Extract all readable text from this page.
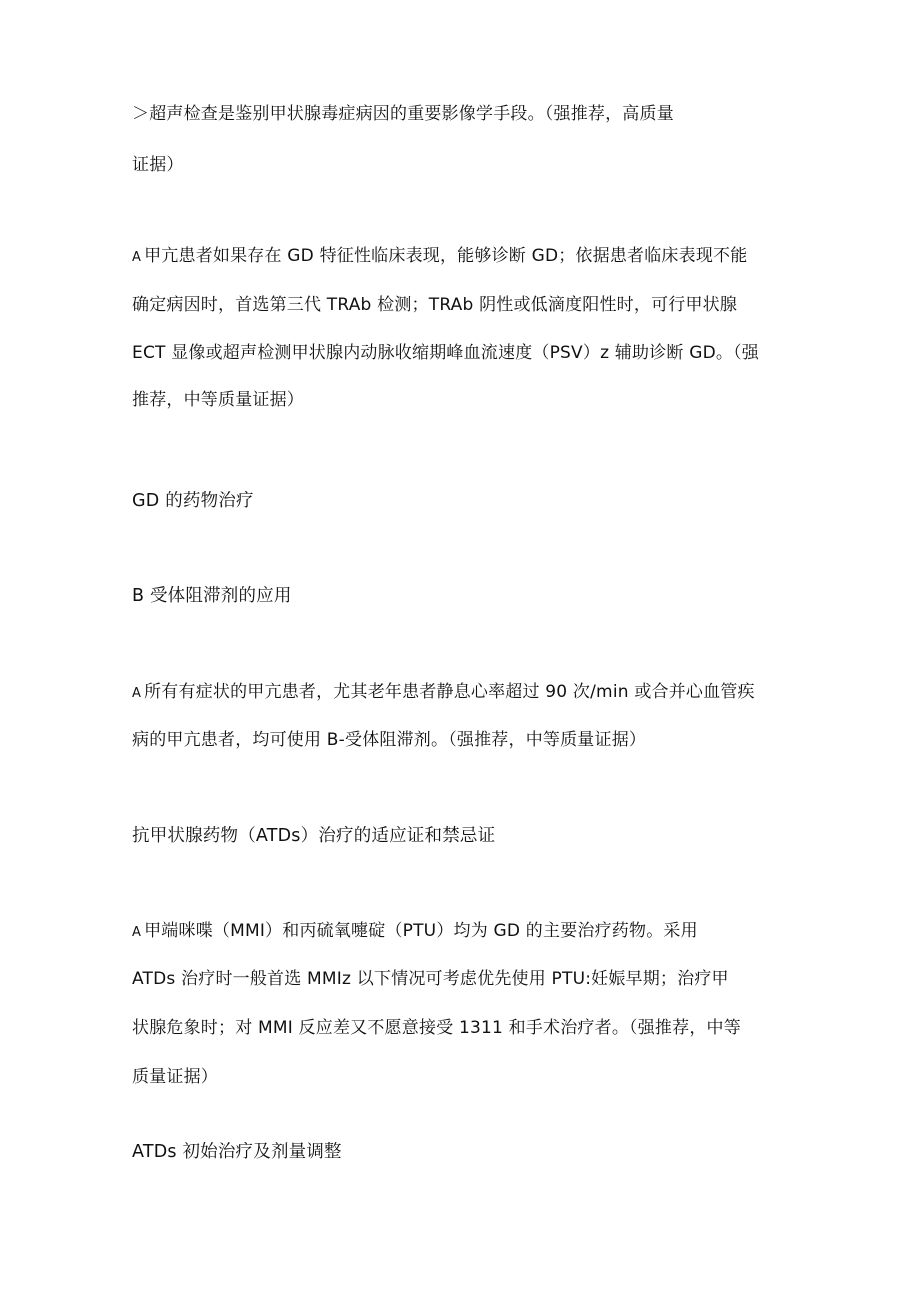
＞超声检查是鉴别甲状腺毒症病因的重要影像学手段。（强推荐，高质量
证据）
A 甲亢患者如果存在 GD 特征性临床表现，能够诊断 GD；依据患者临床表现不能
确定病因时，首选第三代 TRAb 检测；TRAb 阴性或低滴度阳性时，可行甲状腺
ECT 显像或超声检测甲状腺内动脉收缩期峰血流速度（PSV）z 辅助诊断 GD。（强
推荐，中等质量证据）
GD 的药物治疗
B 受体阻滞剂的应用
A 所有有症状的甲亢患者，尤其老年患者静息心率超过 90 次/min 或合并心血管疾
病的甲亢患者，均可使用 B-受体阻滞剂。（强推荐，中等质量证据）
抗甲状腺药物（ATDs）治疗的适应证和禁忌证
A 甲端咪喋（MMI）和丙硫氧嚏碇（PTU）均为 GD 的主要治疗药物。采用
ATDs 治疗时一般首选 MMIz 以下情况可考虑优先使用 PTU:妊娠早期；治疗甲
状腺危象时；对 MMI 反应差又不愿意接受 1311 和手术治疗者。（强推荐，中等
质量证据）
ATDs 初始治疗及剂量调整
